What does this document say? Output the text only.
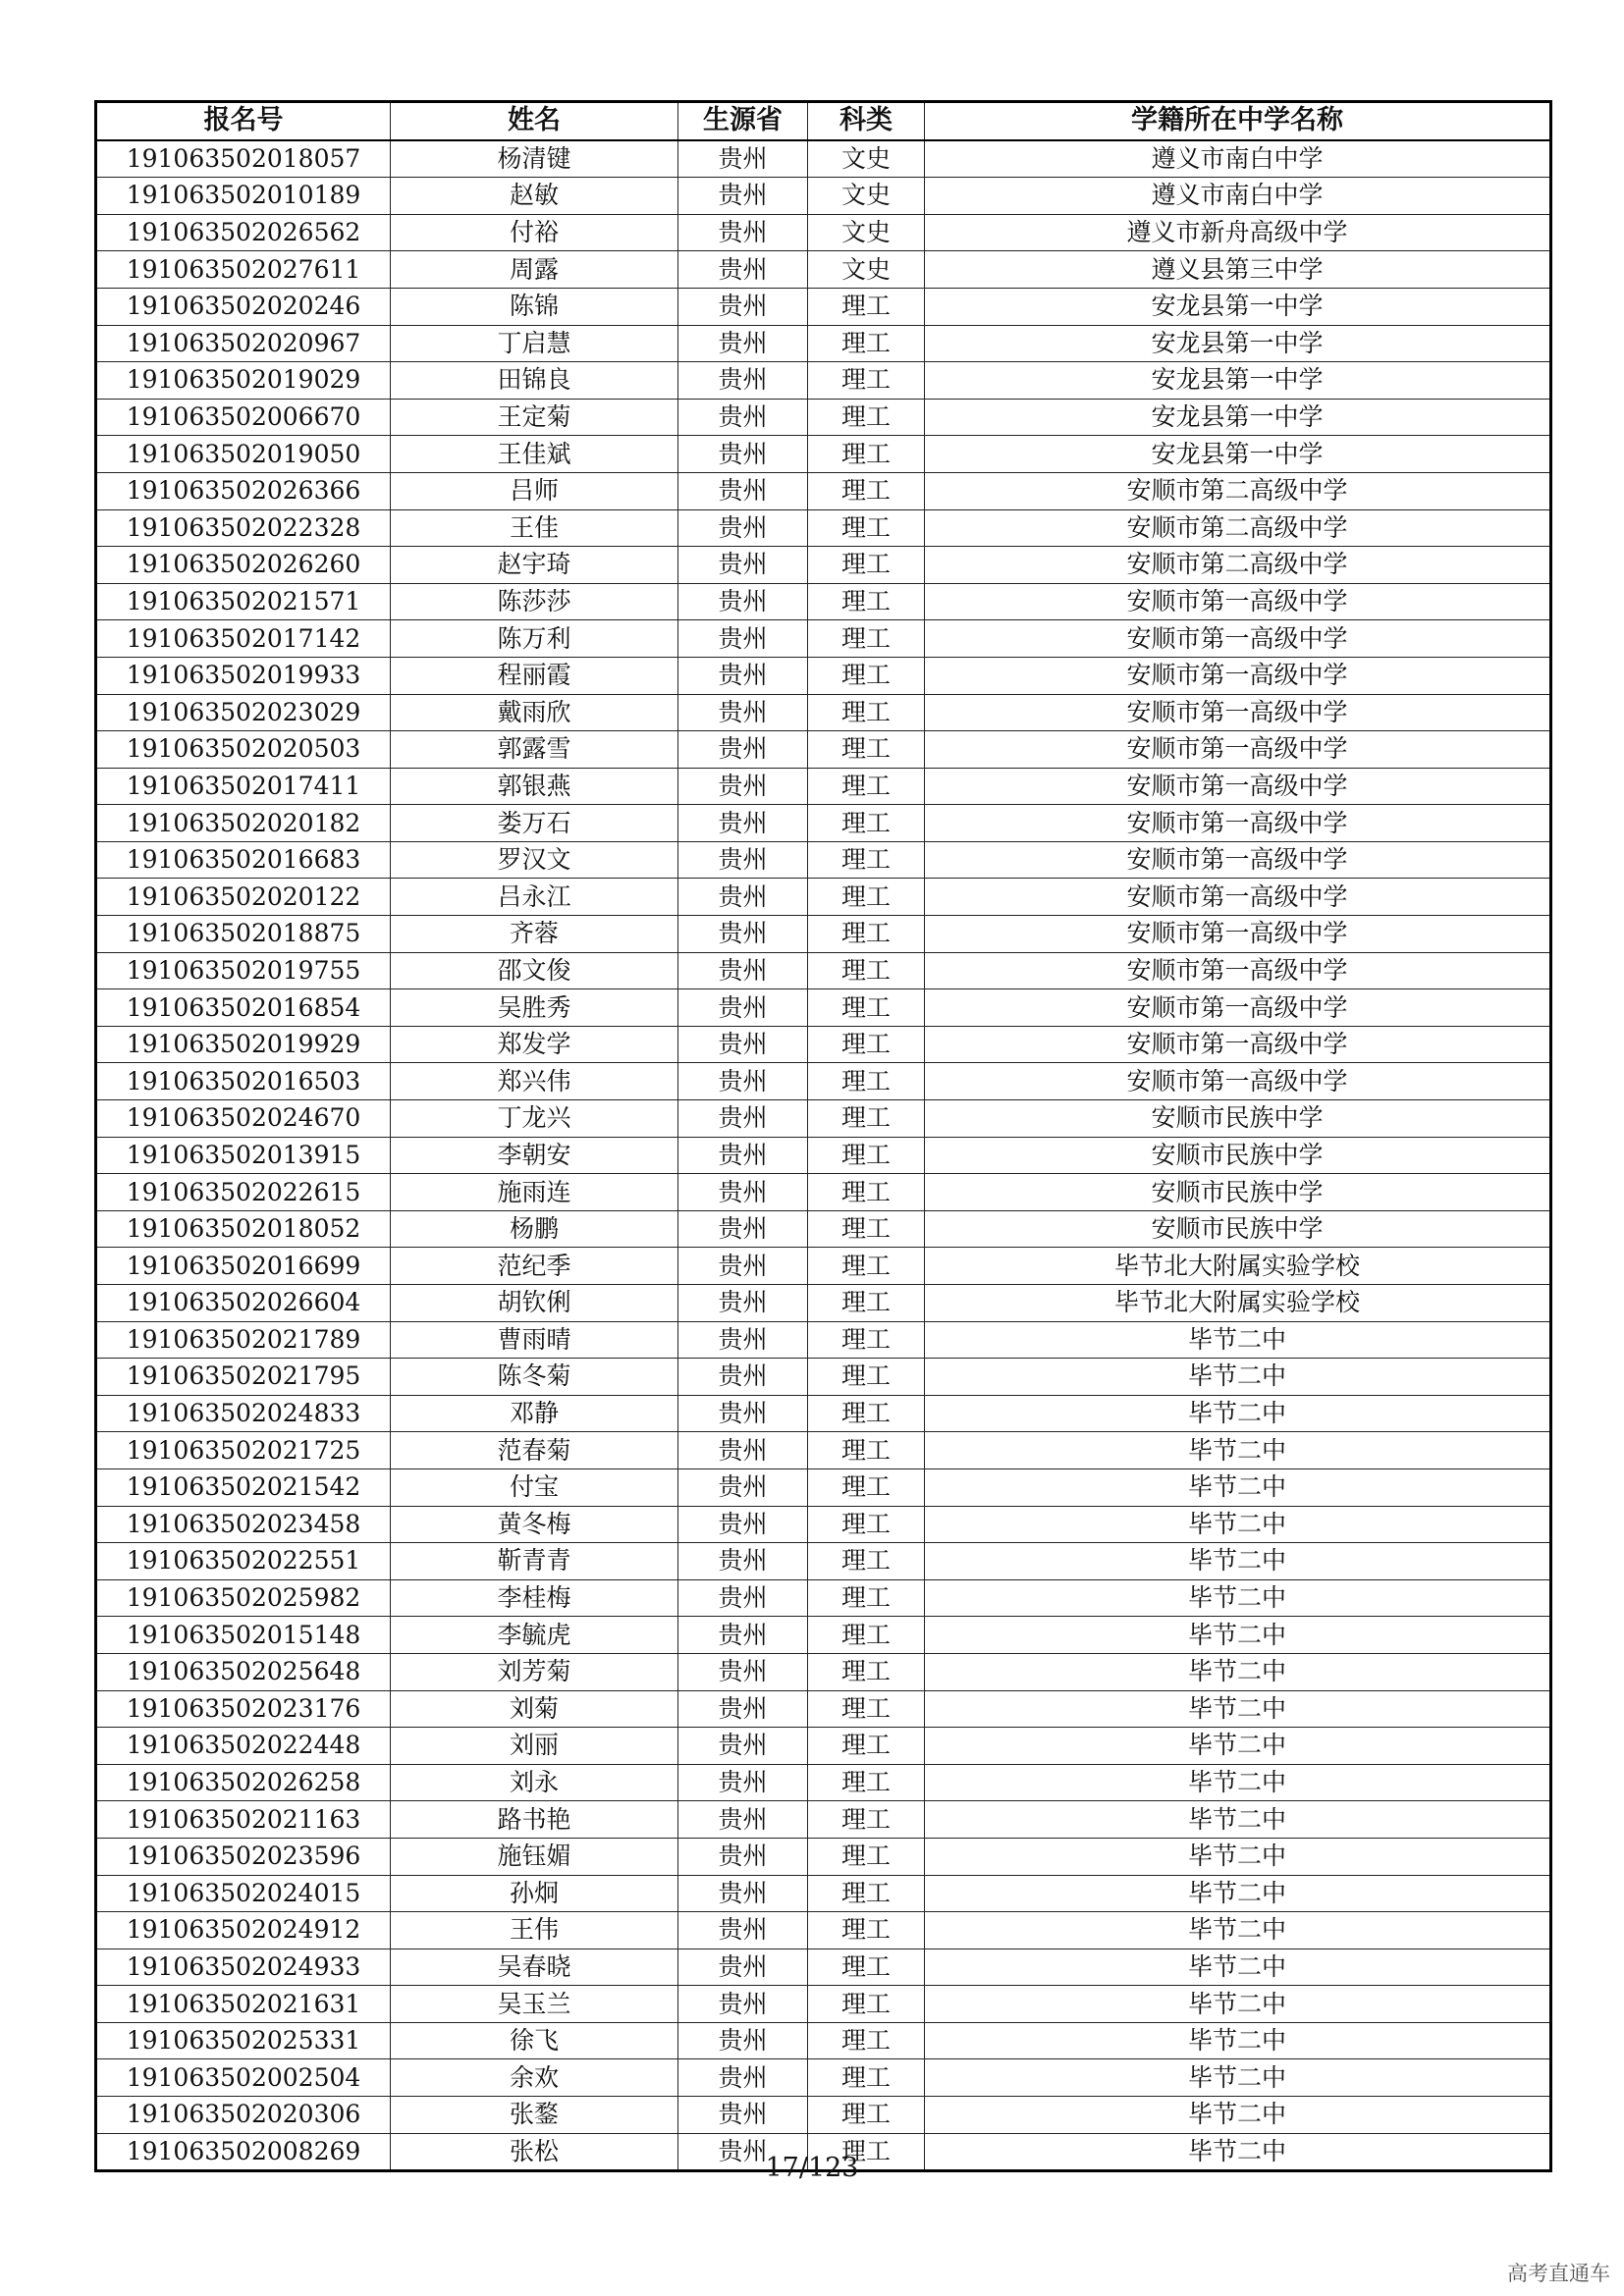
报名号	姓名	生源省	科类	学籍所在中学名称
191063502018057	杨清键	贵州	文史	遵义市南白中学
191063502010189	赵敏	贵州	文史	遵义市南白中学
191063502026562	付裕	贵州	文史	遵义市新舟高级中学
191063502027611	周露	贵州	文史	遵义县第三中学
191063502020246	陈锦	贵州	理工	安龙县第一中学
191063502020967	丁启慧	贵州	理工	安龙县第一中学
191063502019029	田锦良	贵州	理工	安龙县第一中学
191063502006670	王定菊	贵州	理工	安龙县第一中学
191063502019050	王佳斌	贵州	理工	安龙县第一中学
191063502026366	吕师	贵州	理工	安顺市第二高级中学
191063502022328	王佳	贵州	理工	安顺市第二高级中学
191063502026260	赵宇琦	贵州	理工	安顺市第二高级中学
191063502021571	陈莎莎	贵州	理工	安顺市第一高级中学
191063502017142	陈万利	贵州	理工	安顺市第一高级中学
191063502019933	程丽霞	贵州	理工	安顺市第一高级中学
191063502023029	戴雨欣	贵州	理工	安顺市第一高级中学
191063502020503	郭露雪	贵州	理工	安顺市第一高级中学
191063502017411	郭银燕	贵州	理工	安顺市第一高级中学
191063502020182	娄万石	贵州	理工	安顺市第一高级中学
191063502016683	罗汉文	贵州	理工	安顺市第一高级中学
191063502020122	吕永江	贵州	理工	安顺市第一高级中学
191063502018875	齐蓉	贵州	理工	安顺市第一高级中学
191063502019755	邵文俊	贵州	理工	安顺市第一高级中学
191063502016854	吴胜秀	贵州	理工	安顺市第一高级中学
191063502019929	郑发学	贵州	理工	安顺市第一高级中学
191063502016503	郑兴伟	贵州	理工	安顺市第一高级中学
191063502024670	丁龙兴	贵州	理工	安顺市民族中学
191063502013915	李朝安	贵州	理工	安顺市民族中学
191063502022615	施雨连	贵州	理工	安顺市民族中学
191063502018052	杨鹏	贵州	理工	安顺市民族中学
191063502016699	范纪季	贵州	理工	毕节北大附属实验学校
191063502026604	胡钦俐	贵州	理工	毕节北大附属实验学校
191063502021789	曹雨晴	贵州	理工	毕节二中
191063502021795	陈冬菊	贵州	理工	毕节二中
191063502024833	邓静	贵州	理工	毕节二中
191063502021725	范春菊	贵州	理工	毕节二中
191063502021542	付宝	贵州	理工	毕节二中
191063502023458	黄冬梅	贵州	理工	毕节二中
191063502022551	靳青青	贵州	理工	毕节二中
191063502025982	李桂梅	贵州	理工	毕节二中
191063502015148	李毓虎	贵州	理工	毕节二中
191063502025648	刘芳菊	贵州	理工	毕节二中
191063502023176	刘菊	贵州	理工	毕节二中
191063502022448	刘丽	贵州	理工	毕节二中
191063502026258	刘永	贵州	理工	毕节二中
191063502021163	路书艳	贵州	理工	毕节二中
191063502023596	施钰媚	贵州	理工	毕节二中
191063502024015	孙炯	贵州	理工	毕节二中
191063502024912	王伟	贵州	理工	毕节二中
191063502024933	吴春晓	贵州	理工	毕节二中
191063502021631	吴玉兰	贵州	理工	毕节二中
191063502025331	徐飞	贵州	理工	毕节二中
191063502002504	余欢	贵州	理工	毕节二中
191063502020306	张鍪	贵州	理工	毕节二中
191063502008269	张松	贵州	理工	毕节二中
17/123
高考直通车
